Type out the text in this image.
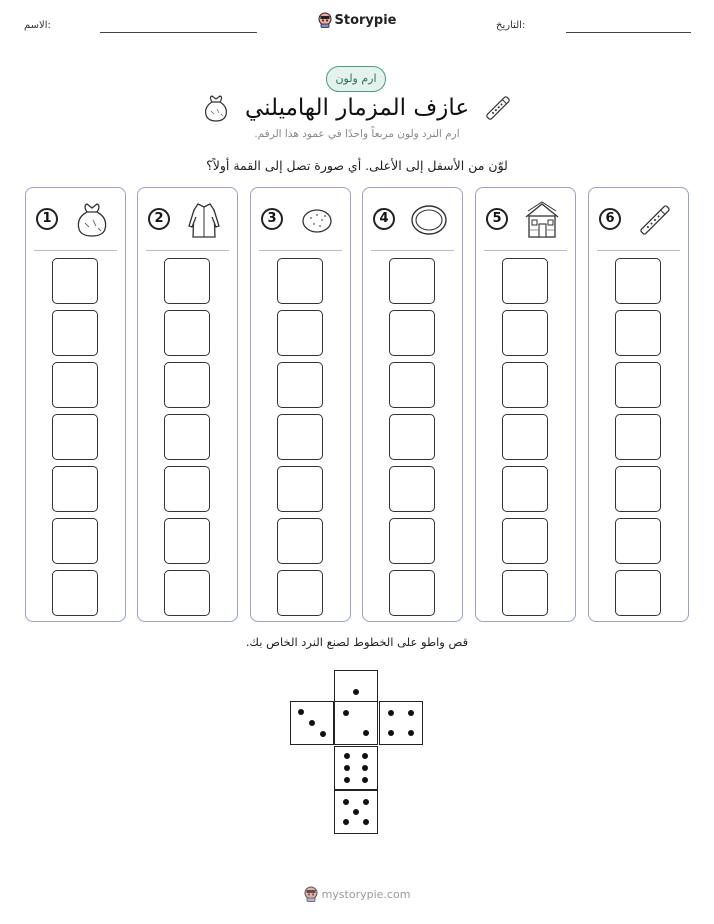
الاسم:	التاريخ:
Storypie
ارم ولون
عازف المزمار الهاميلني
ارم النرد ولون مربعاً واحدًا في عمود هذا الرقم.
لوّن من الأسفل إلى الأعلى. أي صورة تصل إلى القمة أولاً؟
1	2	3	4	5	6
قص واطو على الخطوط لصنع النرد الخاص بك.
mystorypie.com
